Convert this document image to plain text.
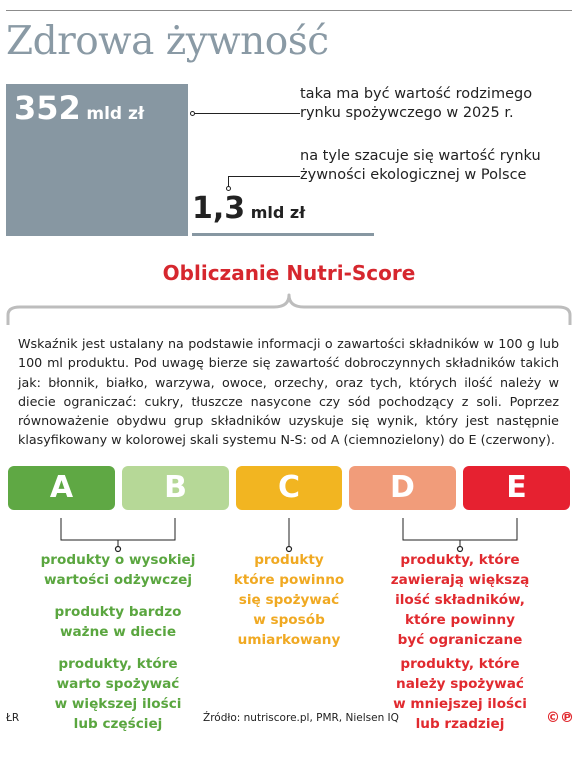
Zdrowa żywność
352 mld zł
taka ma być wartość rodzimego
rynku spożywczego w 2025 r.
1,3 mld zł
na tyle szacuje się wartość rynku
żywności ekologicznej w Polsce
Obliczanie Nutri-Score
Wskaźnik jest ustalany na podstawie informacji o zawartości składników w 100 g lub 100 ml produktu. Pod uwagę bierze się zawartość dobroczynnych składników takich jak: błonnik, białko, warzywa, owoce, orzechy, oraz tych, których ilość należy w diecie ograniczać: cukry, tłuszcze nasycone czy sód pochodzący z soli. Poprzez równoważenie obydwu grup składników uzyskuje się wynik, który jest następnie klasyfikowany w kolorowej skali systemu N-S: od A (ciemnozielony) do E (czerwony).
A	B	C	D	E
produkty o wysokiej
wartości odżywczej
produkty bardzo
ważne w diecie
produkty, które
warto spożywać
w większej ilości
lub częściej
produkty
które powinno
się spożywać
w sposób
umiarkowany
produkty, które
zawierają większą
ilość składników,
które powinny
być ograniczane
produkty, które
należy spożywać
w mniejszej ilości
lub rzadziej
ŁR	Źródło: nutriscore.pl, PMR, Nielsen IQ	©℗
